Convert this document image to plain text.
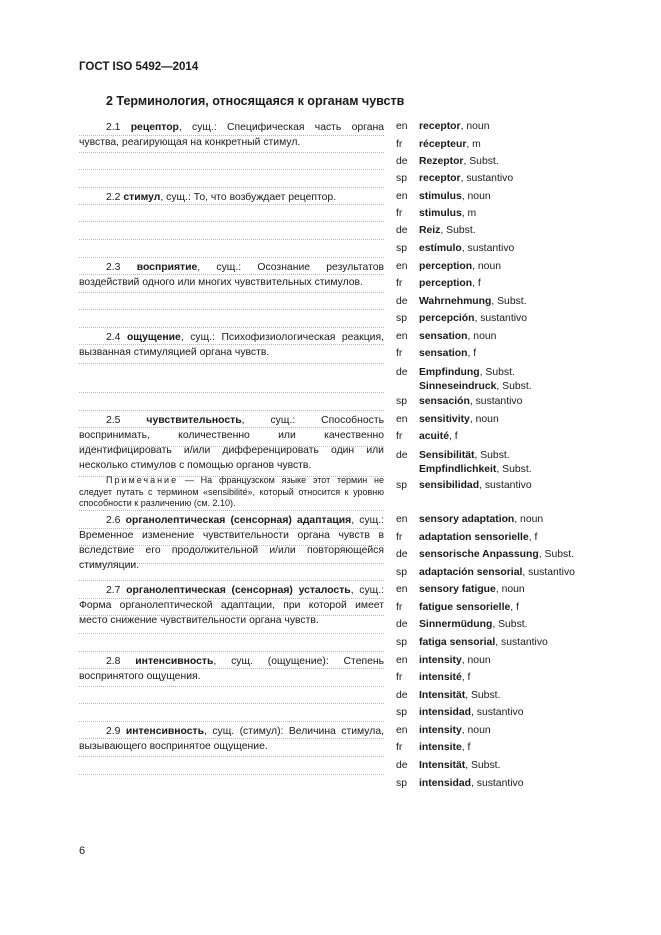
ГОСТ ISO 5492—2014
2 Терминология, относящаяся к органам чувств
2.1 рецептор, сущ.: Специфическая часть органа чувства, реагирующая на конкретный стимул.
en	receptor, noun
fr	récepteur, m
de	Rezeptor, Subst.
sp	receptor, sustantivo
2.2 стимул, сущ.: То, что возбуждает рецептор.	en	stimulus, noun
fr	stimulus, m
de	Reiz, Subst.
sp	estímulo, sustantivo
2.3 восприятие, сущ.: Осознание результатов воздействий одного или многих чувствительных стимулов.
en	perception, noun
fr	perception, f
de	Wahrnehmung, Subst.
sp	percepción, sustantivo
2.4 ощущение, сущ.: Психофизиологическая реакция, вызванная стимуляцией органа чувств.
en	sensation, noun
fr	sensation, f
de	Empfindung, Subst.
Sinneseindruck, Subst.
sp	sensación, sustantivo
2.5 чувствительность, сущ.: Способность воспринимать, количественно или качественно идентифицировать и/или дифференцировать один или несколько стимулов с помощью органов чувств.
Примечание — На французском языке этот термин не следует путать с термином «sensibilité», который относится к уровню способности к различению (см. 2.10).
en	sensitivity, noun
fr	acuité, f
de	Sensibilität, Subst.
Empfindlichkeit, Subst.
sp	sensibilidad, sustantivo
2.6 органолептическая (сенсорная) адаптация, сущ.: Временное изменение чувствительности органа чувств в вследствие его продолжительной и/или повторяющейся стимуляции.
en	sensory adaptation, noun
fr	adaptation sensorielle, f
de	sensorische Anpassung, Subst.
sp	adaptación sensorial, sustantivo
2.7 органолептическая (сенсорная) усталость, сущ.: Форма органолептической адаптации, при которой имеет место снижение чувствительности органа чувств.
en	sensory fatigue, noun
fr	fatigue sensorielle, f
de	Sinnermüdung, Subst.
sp	fatiga sensorial, sustantivo
2.8 интенсивность, сущ. (ощущение): Степень воспринятого ощущения.
en	intensity, noun
fr	intensité, f
de	Intensität, Subst.
sp	intensidad, sustantivo
2.9 интенсивность, сущ. (стимул): Величина стимула, вызывающего воспринятое ощущение.
en	intensity, noun
fr	intensite, f
de	Intensität, Subst.
sp	intensidad, sustantivo
6
